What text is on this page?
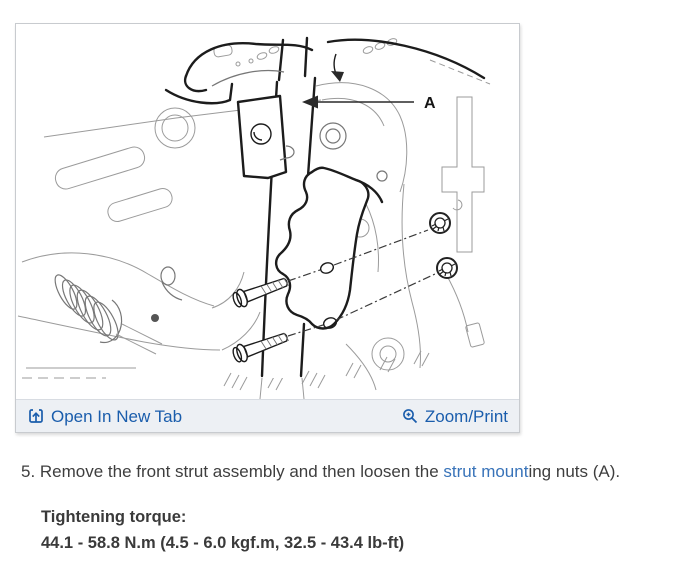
A
Open In New Tab	Zoom/Print

5. Remove the front strut assembly and then loosen the strut mounting nuts (A).

Tightening torque:
44.1 - 58.8 N.m (4.5 - 6.0 kgf.m, 32.5 - 43.4 lb-ft)
